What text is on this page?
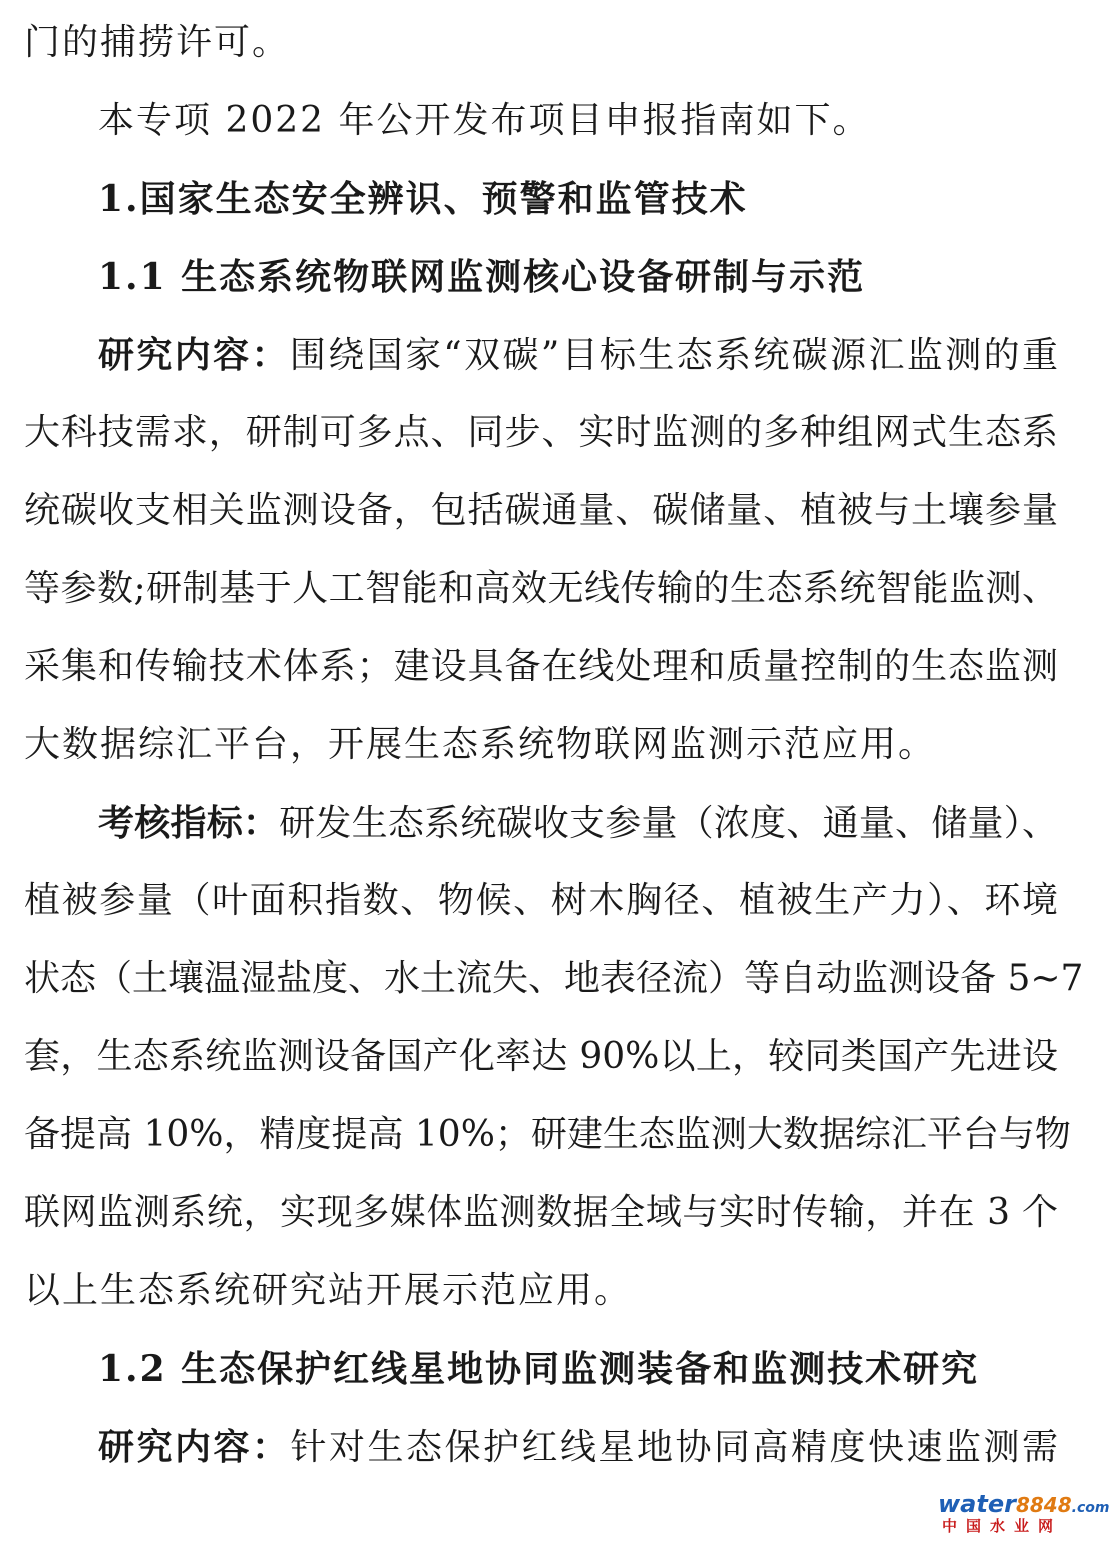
门的捕捞许可。
本专项 2022 年公开发布项目申报指南如下。
1.国家生态安全辨识、预警和监管技术
1.1 生态系统物联网监测核心设备研制与示范
研究内容：围绕国家“双碳”目标生态系统碳源汇监测的重
大科技需求，研制可多点、同步、实时监测的多种组网式生态系
统碳收支相关监测设备，包括碳通量、碳储量、植被与土壤参量
等参数;研制基于人工智能和高效无线传输的生态系统智能监测、
采集和传输技术体系；建设具备在线处理和质量控制的生态监测
大数据综汇平台，开展生态系统物联网监测示范应用。
考核指标：研发生态系统碳收支参量（浓度、通量、储量）、
植被参量（叶面积指数、物候、树木胸径、植被生产力）、环境
状态（土壤温湿盐度、水土流失、地表径流）等自动监测设备 5~7
套，生态系统监测设备国产化率达 90%以上，较同类国产先进设
备提高 10%，精度提高 10%；研建生态监测大数据综汇平台与物
联网监测系统，实现多媒体监测数据全域与实时传输，并在 3 个
以上生态系统研究站开展示范应用。
1.2 生态保护红线星地协同监测装备和监测技术研究
研究内容：针对生态保护红线星地协同高精度快速监测需
water8848.com
中国水业网
